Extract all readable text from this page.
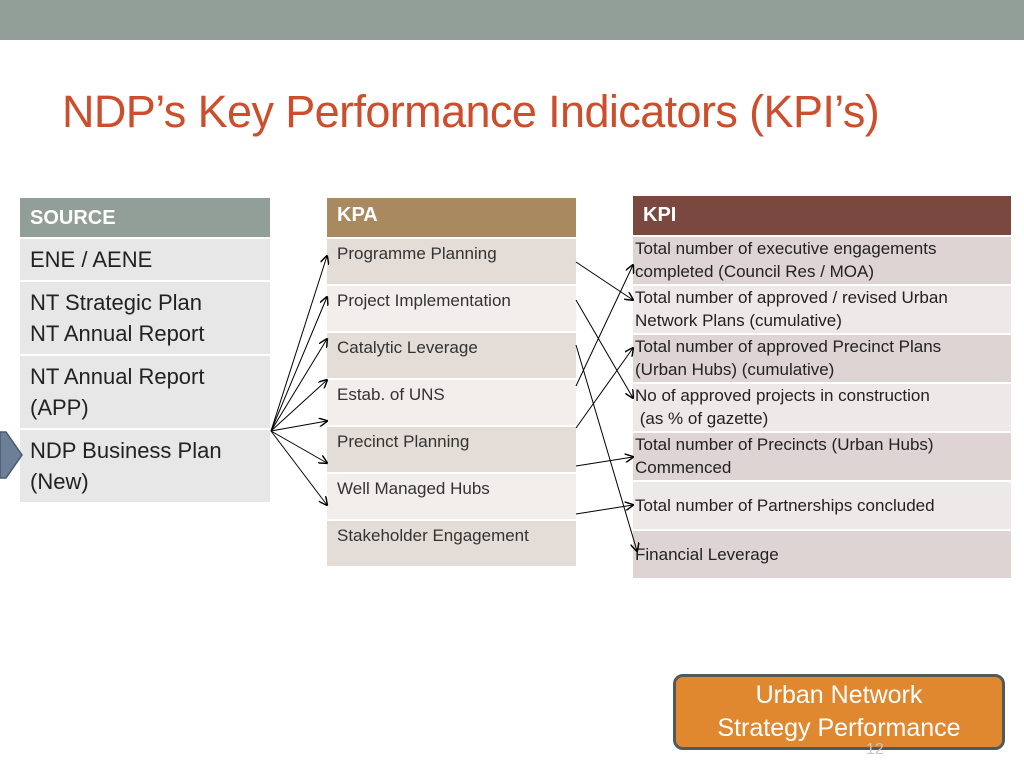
NDP’s Key Performance Indicators (KPI’s)
SOURCE

ENE / AENE

NT Strategic Plan
NT Annual Report

NT Annual Report
(APP)

NDP Business Plan
(New)
KPA
Programme Planning
Project Implementation
Catalytic Leverage
Estab. of UNS
Precinct Planning
Well Managed Hubs
Stakeholder Engagement
KPI

Total number of executive engagements
completed (Council Res / MOA)

Total number of approved / revised Urban
Network Plans (cumulative)

Total number of approved Precinct Plans
(Urban Hubs) (cumulative)

No of approved projects in construction
(as % of gazette)

Total number of Precincts (Urban Hubs)
Commenced

Total number of Partnerships concluded

Financial Leverage
Urban Network
Strategy Performance
12
